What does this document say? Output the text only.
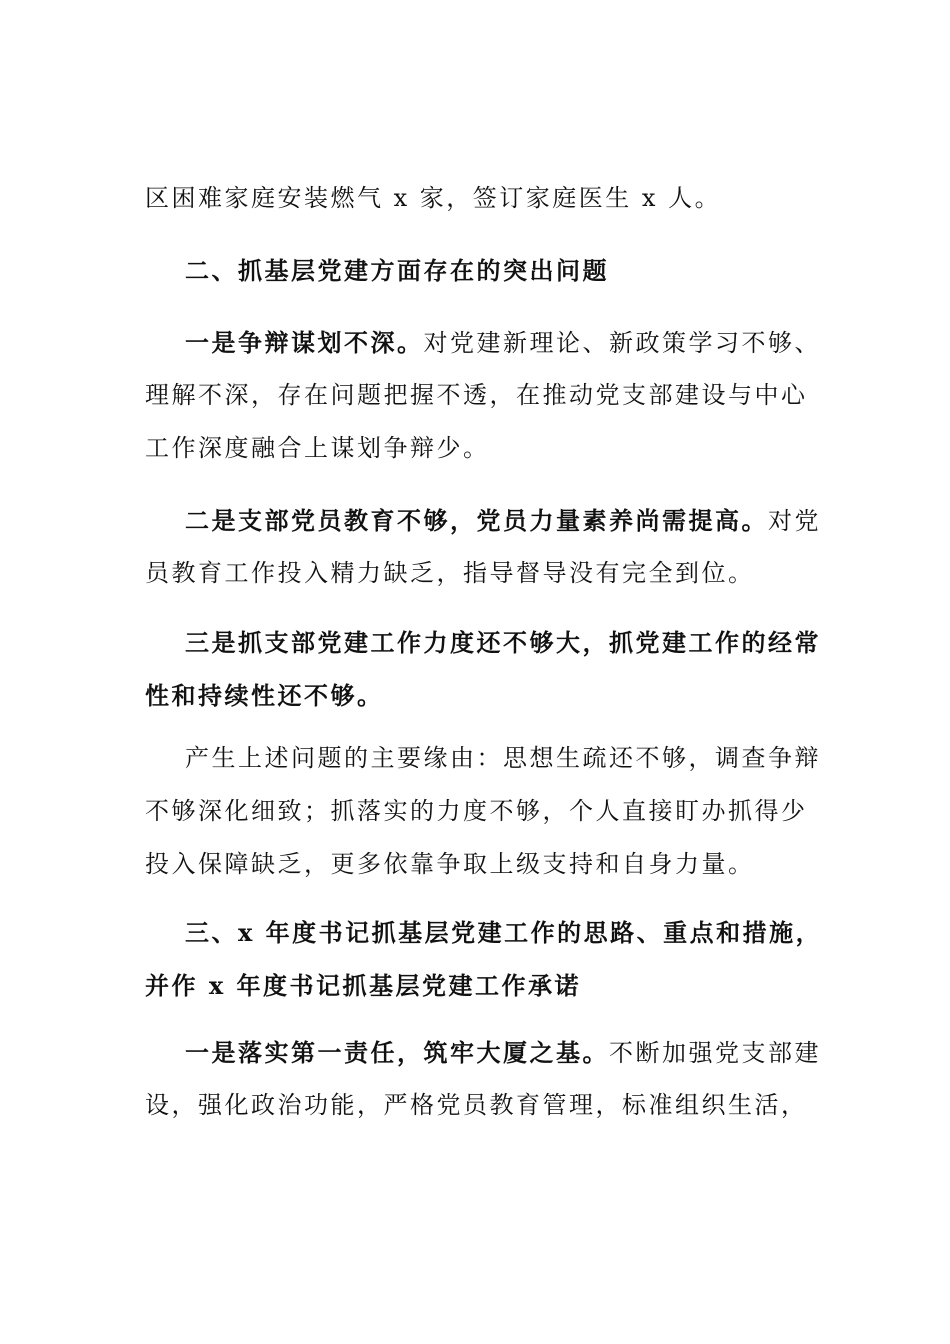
区困难家庭安装燃气 x 家，签订家庭医生 x 人。
二、抓基层党建方面存在的突出问题
一是争辩谋划不深。对党建新理论、新政策学习不够、
理解不深，存在问题把握不透，在推动党支部建设与中心
工作深度融合上谋划争辩少。
二是支部党员教育不够，党员力量素养尚需提高。对党
员教育工作投入精力缺乏，指导督导没有完全到位。
三是抓支部党建工作力度还不够大，抓党建工作的经常
性和持续性还不够。
产生上述问题的主要缘由：思想生疏还不够，调查争辩
不够深化细致；抓落实的力度不够，个人直接盯办抓得少
投入保障缺乏，更多依靠争取上级支持和自身力量。
三、x 年度书记抓基层党建工作的思路、重点和措施，
并作 x 年度书记抓基层党建工作承诺
一是落实第一责任，筑牢大厦之基。不断加强党支部建
设，强化政治功能，严格党员教育管理，标准组织生活，
